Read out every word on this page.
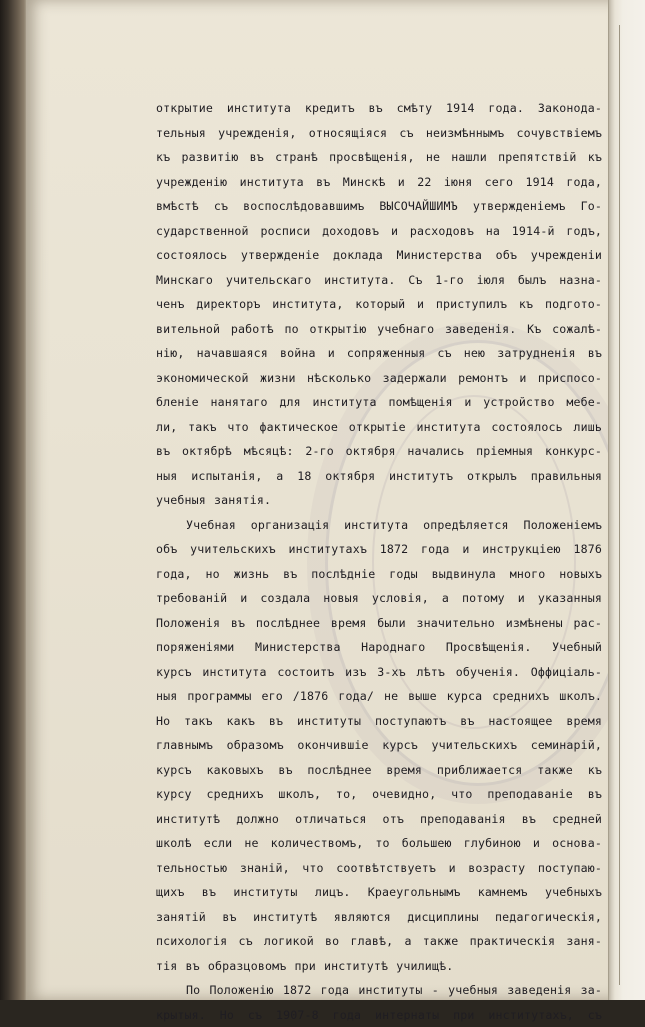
открытие института кредитъ въ смѣту 1914 года. Законода-
тельныя учрежденія, относящіяся съ неизмѣннымъ сочувствіемъ
къ развитію въ странѣ просвѣщенія, не нашли препятствій къ
учрежденію института въ Минскѣ и 22 іюня сего 1914 года,
вмѣстѣ съ воспослѣдовавшимъ ВЫСОЧАЙШИМЪ утвержденіемъ Го-
сударственной росписи доходовъ и расходовъ на 1914-й годъ,
состоялось утвержденіе доклада Министерства объ учрежденіи
Минскаго учительскаго института. Съ 1-го іюля былъ назна-
ченъ директоръ института, который и приступилъ къ подгото-
вительной работѣ по открытію учебнаго заведенія. Къ сожалѣ-
нію, начавшаяся война и сопряженныя съ нею затрудненія въ
экономической жизни нѣсколько задержали ремонтъ и приспосо-
бленіе нанятаго для института помѣщенія и устройство мебе-
ли, такъ что фактическое открытіе института состоялось лишь
въ октябрѣ мѣсяцѣ: 2-го октября начались пріемныя конкурс-
ныя испытанія, а 18 октября институтъ открылъ правильныя
учебныя занятія.
Учебная организація института опредѣляется Положеніемъ
объ учительскихъ институтахъ 1872 года и инструкціею 1876
года, но жизнь въ послѣдніе годы выдвинула много новыхъ
требованій и создала новыя условія, а потому и указанныя
Положенія въ послѣднее время были значительно измѣнены рас-
поряженіями Министерства Народнаго Просвѣщенія. Учебный
курсъ института состоитъ изъ 3-хъ лѣтъ обученія. Оффиціаль-
ныя программы его /1876 года/ не выше курса среднихъ школъ.
Но такъ какъ въ институты поступаютъ въ настоящее время
главнымъ образомъ окончившіе курсъ учительскихъ семинарій,
курсъ каковыхъ въ послѣднее время приближается также къ
курсу среднихъ школъ, то, очевидно, что преподаваніе въ
институтѣ должно отличаться отъ преподаванія въ средней
школѣ если не количествомъ, то большею глубиною и основа-
тельностью знаній, что соотвѣтствуетъ и возрасту поступаю-
щихъ въ институты лицъ. Краеугольнымъ камнемъ учебныхъ
занятій въ институтѣ являются дисциплины педагогическія,
психологія съ логикой во главѣ, а также практическія заня-
тія въ образцовомъ при институтѣ училищѣ.
По Положенію 1872 года институты - учебныя заведенія за-
крытыя. Но съ 1907-8 года интернаты при институтахъ, съ
